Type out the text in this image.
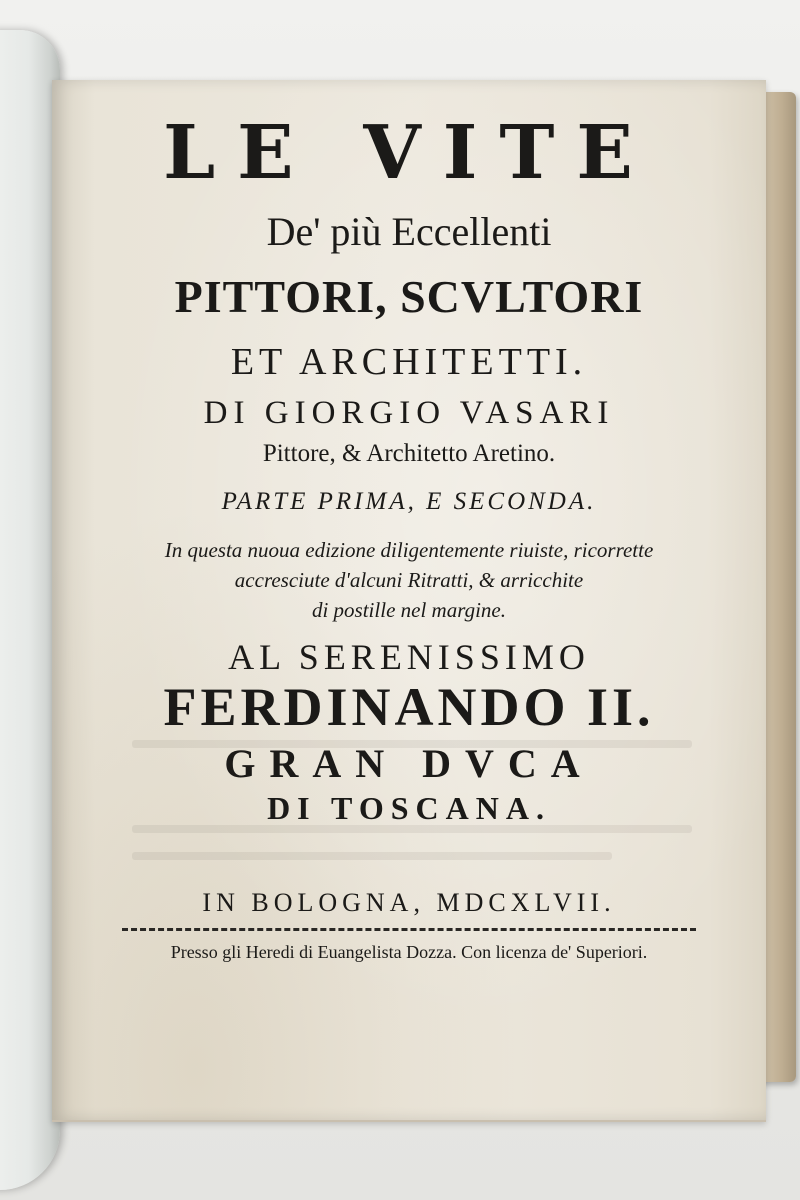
LE VITE
De' più Eccellenti
PITTORI, SCVLTORI
ET ARCHITETTI.
DI GIORGIO VASARI
Pittore, & Architetto Aretino.
PARTE PRIMA, E SECONDA.
In questa nuoua edizione diligentemente riuiste, ricorrette
accresciute d'alcuni Ritratti, & arricchite
di postille nel margine.
AL SERENISSIMO
FERDINANDO II.
GRAN DVCA
DI TOSCANA.
IN BOLOGNA, MDCXLVII.
Presso gli Heredi di Euangelista Dozza. Con licenza de' Superiori.
